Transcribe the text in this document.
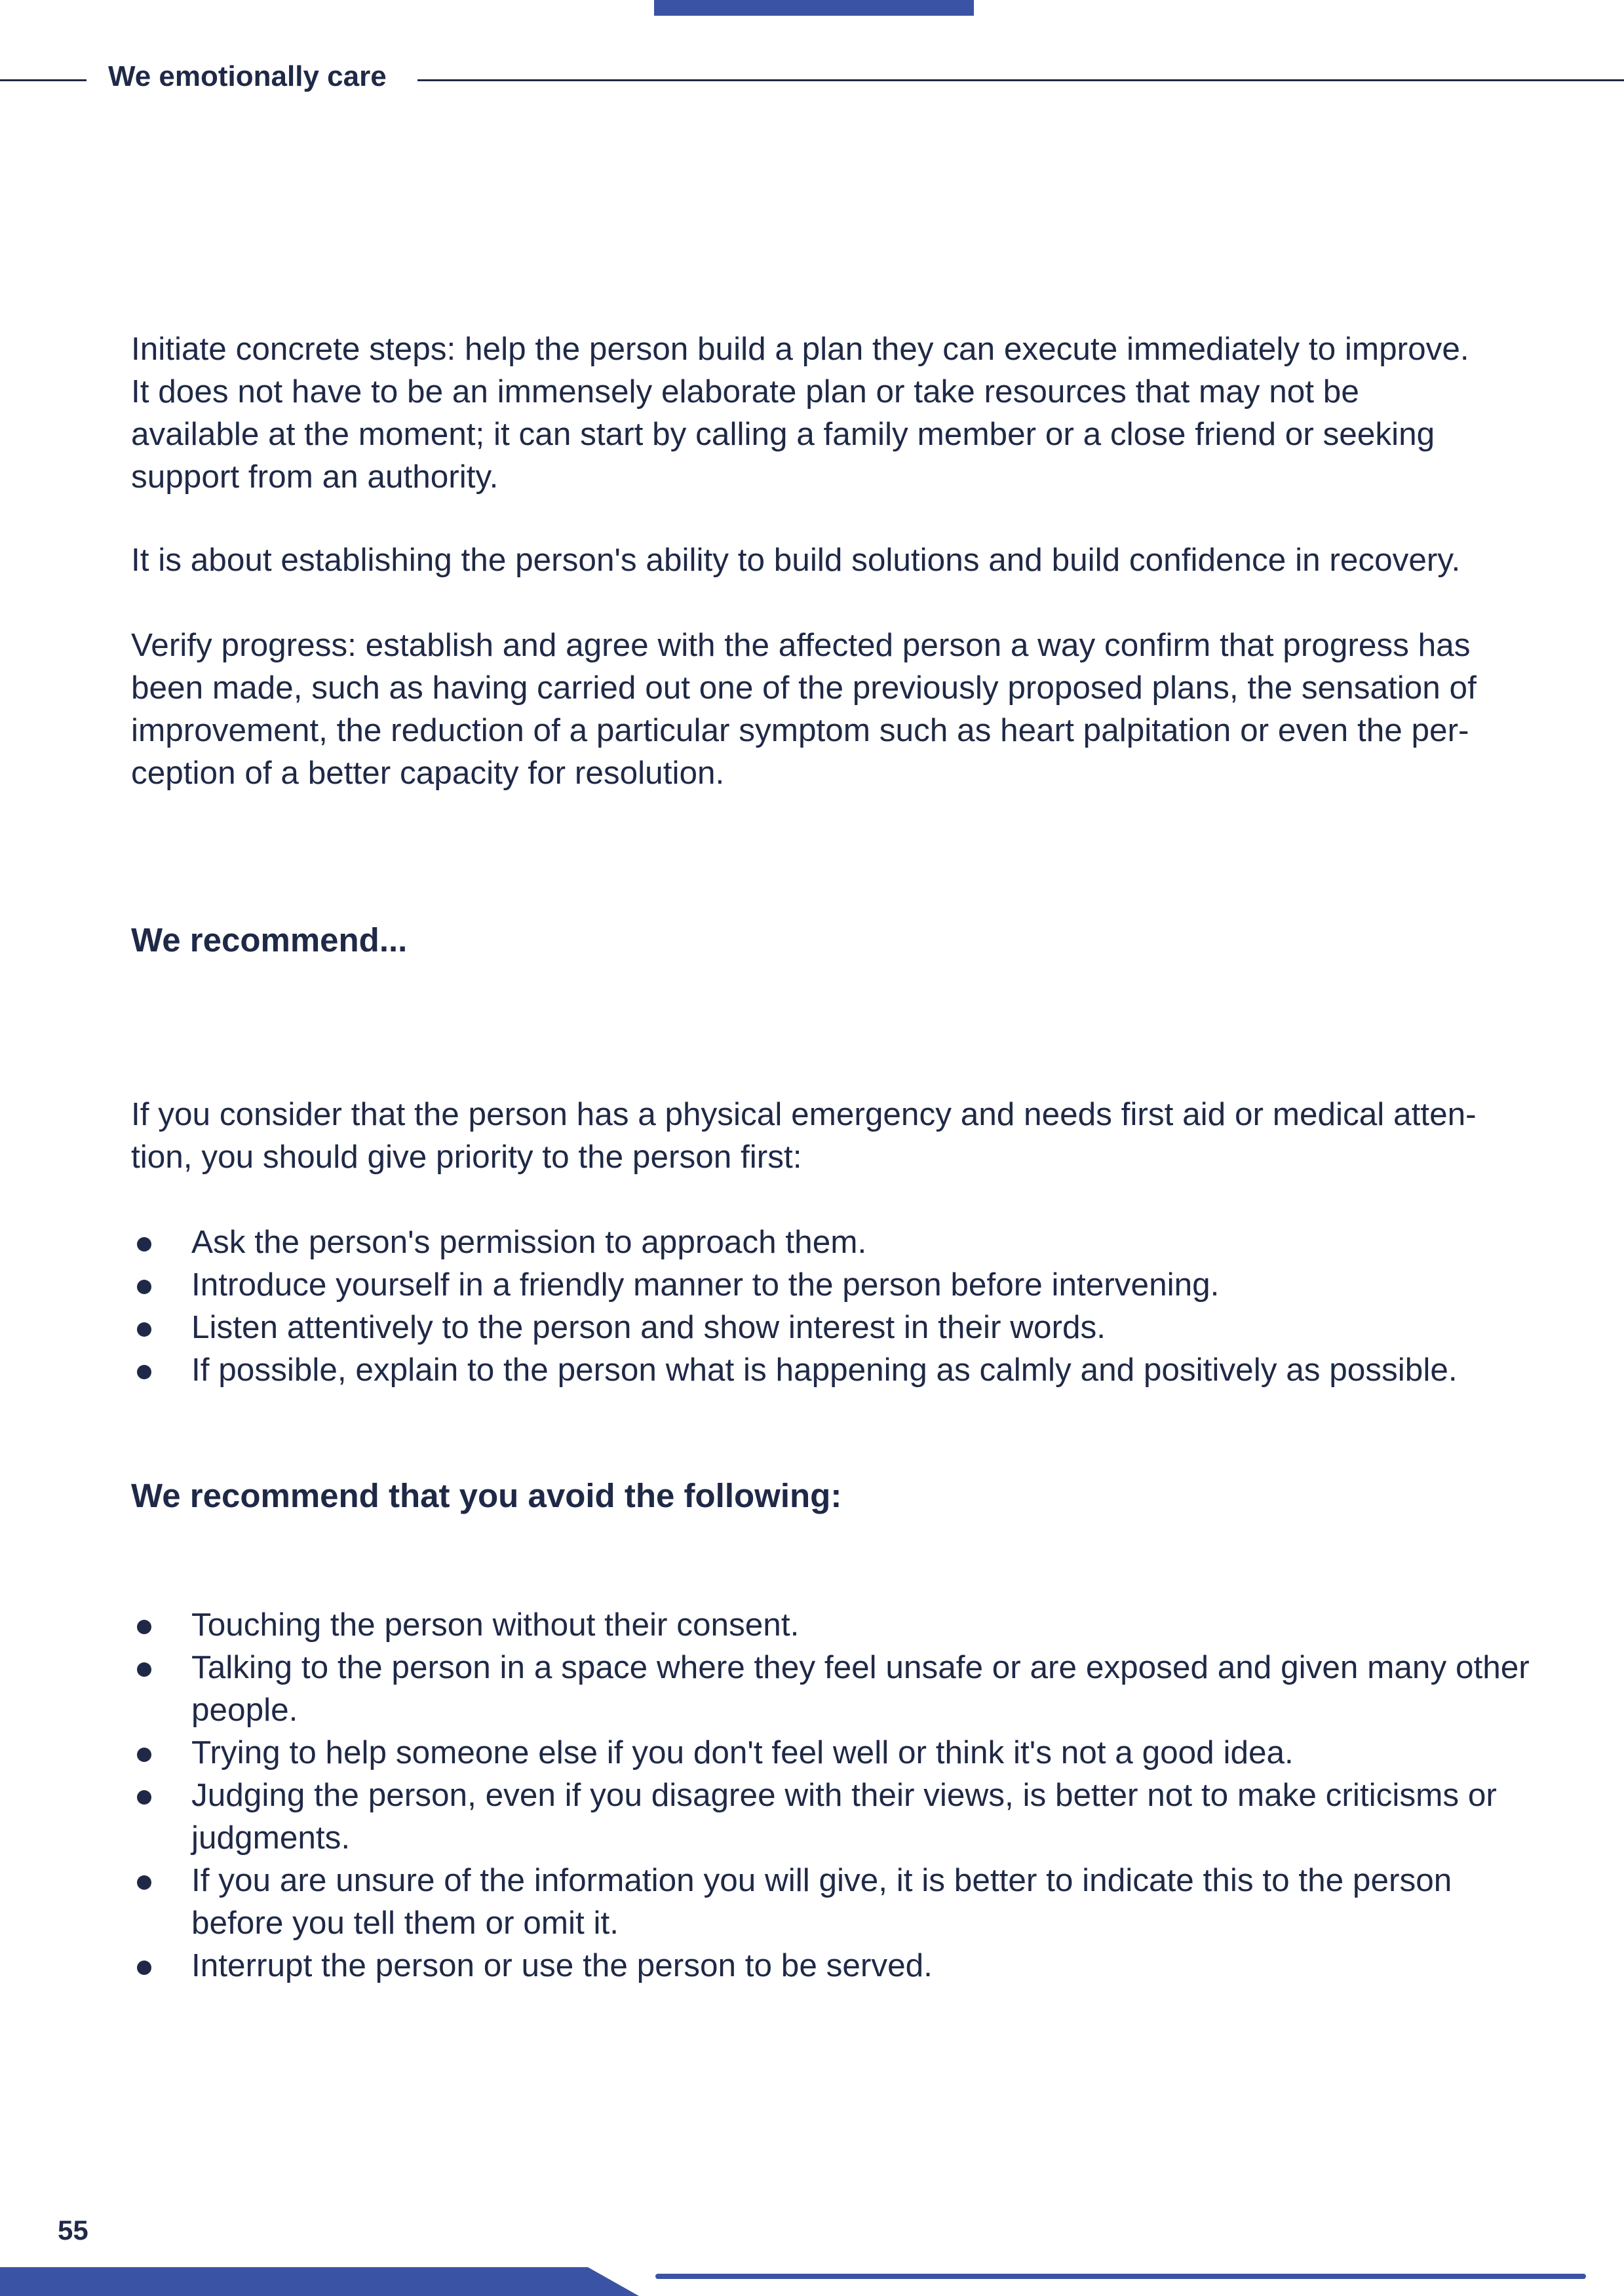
We emotionally care

Initiate concrete steps: help the person build a plan they can execute immediately to improve. It does not have to be an immensely elaborate plan or take resources that may not be available at the moment; it can start by calling a family member or a close friend or seeking support from an authority.

It is about establishing the person's ability to build solutions and build confidence in recovery.

Verify progress: establish and agree with the affected person a way confirm that progress has been made, such as having carried out one of the previously proposed plans, the sensation of improvement, the reduction of a particular symptom such as heart palpitation or even the per-ception of a better capacity for resolution.

We recommend...

If you consider that the person has a physical emergency and needs first aid or medical atten-tion, you should give priority to the person first:

Ask the person's permission to approach them.
Introduce yourself in a friendly manner to the person before intervening.
Listen attentively to the person and show interest in their words.
If possible, explain to the person what is happening as calmly and positively as possible.
We recommend that you avoid the following:
Touching the person without their consent.
Talking to the person in a space where they feel unsafe or are exposed and given many other people.
Trying to help someone else if you don't feel well or think it's not a good idea.
Judging the person, even if you disagree with their views, is better not to make criticisms or judgments.
If you are unsure of the information you will give, it is better to indicate this to the person before you tell them or omit it.
Interrupt the person or use the person to be served.
55
